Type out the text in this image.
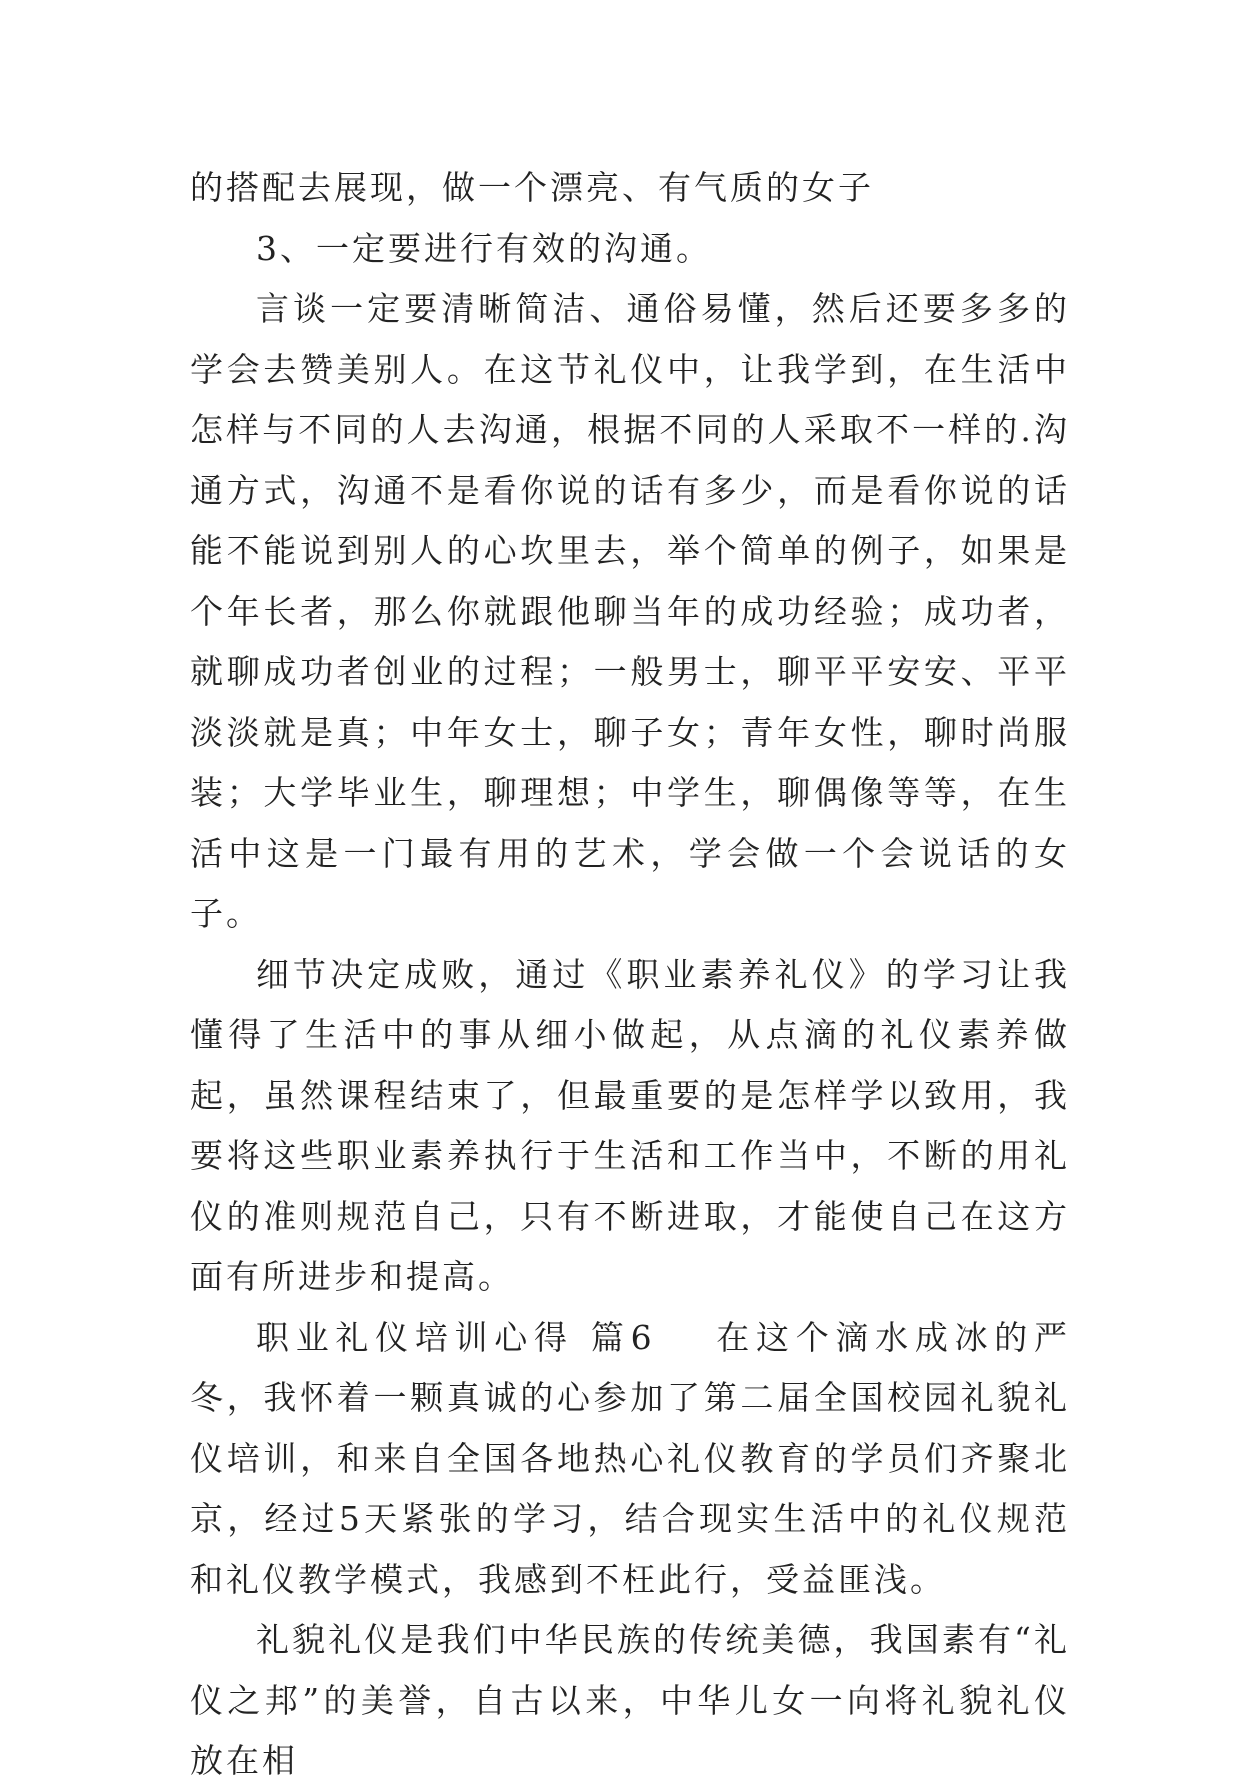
的搭配去展现，做一个漂亮、有气质的女子

3、一定要进行有效的沟通。

言谈一定要清晰简洁、通俗易懂，然后还要多多的学会去赞美别人。在这节礼仪中，让我学到，在生活中怎样与不同的人去沟通，根据不同的人采取不一样的.沟通方式，沟通不是看你说的话有多少，而是看你说的话能不能说到别人的心坎里去，举个简单的例子，如果是个年长者，那么你就跟他聊当年的成功经验；成功者，就聊成功者创业的过程；一般男士，聊平平安安、平平淡淡就是真；中年女士，聊子女；青年女性，聊时尚服装；大学毕业生，聊理想；中学生，聊偶像等等，在生活中这是一门最有用的艺术，学会做一个会说话的女子。

细节决定成败，通过《职业素养礼仪》的学习让我懂得了生活中的事从细小做起，从点滴的礼仪素养做起，虽然课程结束了，但最重要的是怎样学以致用，我要将这些职业素养执行于生活和工作当中，不断的用礼仪的准则规范自己，只有不断进取，才能使自己在这方面有所进步和提高。

职业礼仪培训心得 篇6 在这个滴水成冰的严冬，我怀着一颗真诚的心参加了第二届全国校园礼貌礼仪培训，和来自全国各地热心礼仪教育的学员们齐聚北京，经过5天紧张的学习，结合现实生活中的礼仪规范和礼仪教学模式，我感到不枉此行，受益匪浅。

礼貌礼仪是我们中华民族的传统美德，我国素有“礼仪之邦”的美誉，自古以来，中华儿女一向将礼貌礼仪放在相
